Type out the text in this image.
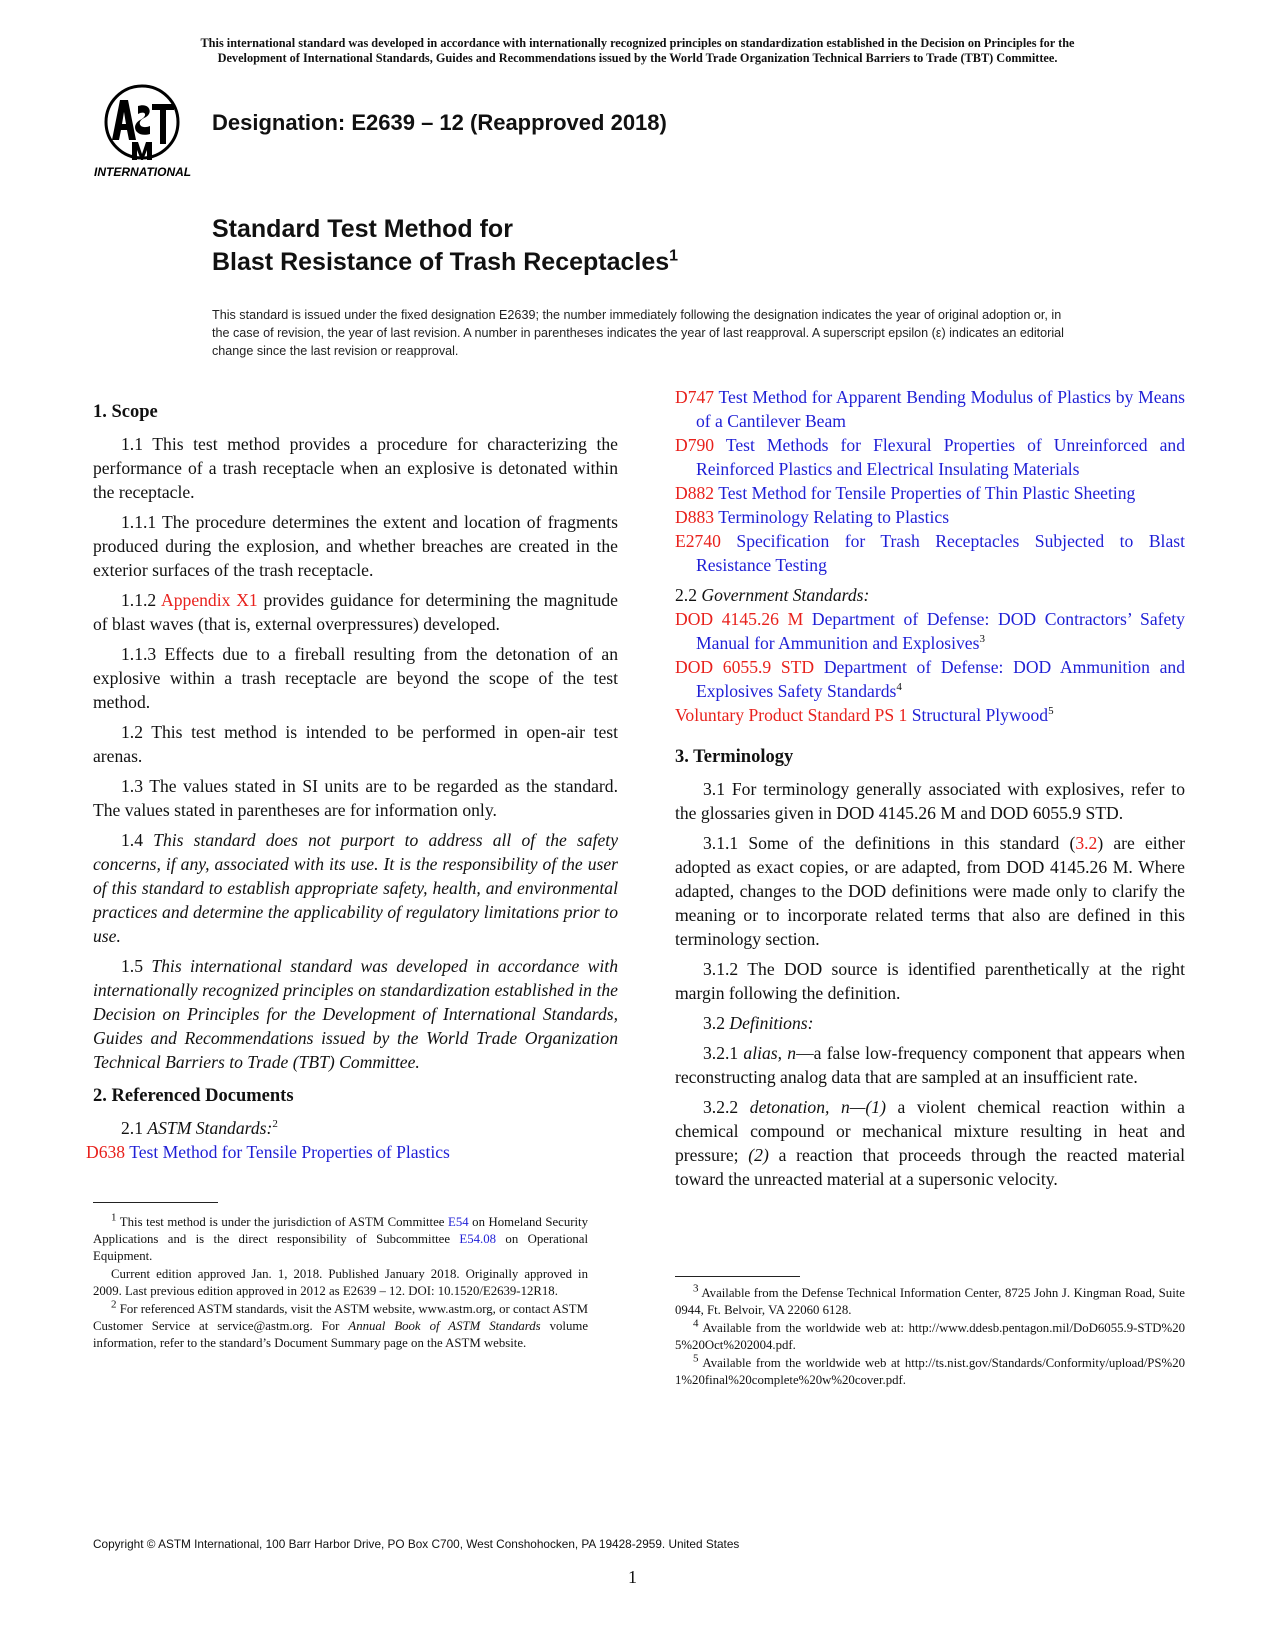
This international standard was developed in accordance with internationally recognized principles on standardization established in the Decision on Principles for the
Development of International Standards, Guides and Recommendations issued by the World Trade Organization Technical Barriers to Trade (TBT) Committee.
INTERNATIONAL
Designation: E2639 – 12 (Reapproved 2018)
Standard Test Method for
Blast Resistance of Trash Receptacles$^1$
This standard is issued under the fixed designation E2639; the number immediately following the designation indicates the year of original adoption or, in the case of revision, the year of last revision. A number in parentheses indicates the year of last reapproval. A superscript epsilon (ε) indicates an editorial change since the last revision or reapproval.
1. Scope

1.1 This test method provides a procedure for characterizing the performance of a trash receptacle when an explosive is detonated within the receptacle.

1.1.1 The procedure determines the extent and location of fragments produced during the explosion, and whether breaches are created in the exterior surfaces of the trash receptacle.

1.1.2 Appendix X1 provides guidance for determining the magnitude of blast waves (that is, external overpressures) developed.

1.1.3 Effects due to a fireball resulting from the detonation of an explosive within a trash receptacle are beyond the scope of the test method.

1.2 This test method is intended to be performed in open-air test arenas.

1.3 The values stated in SI units are to be regarded as the standard. The values stated in parentheses are for information only.

1.4 This standard does not purport to address all of the safety concerns, if any, associated with its use. It is the responsibility of the user of this standard to establish appropriate safety, health, and environmental practices and determine the applicability of regulatory limitations prior to use.

1.5 This international standard was developed in accordance with internationally recognized principles on standardization established in the Decision on Principles for the Development of International Standards, Guides and Recommendations issued by the World Trade Organization Technical Barriers to Trade (TBT) Committee.

2. Referenced Documents

2.1 ASTM Standards:$^2$

D638 Test Method for Tensile Properties of Plastics

$^1$ This test method is under the jurisdiction of ASTM Committee E54 on Homeland Security Applications and is the direct responsibility of Subcommittee E54.08 on Operational Equipment.

Current edition approved Jan. 1, 2018. Published January 2018. Originally approved in 2009. Last previous edition approved in 2012 as E2639 – 12. DOI: 10.1520/E2639-12R18.

$^2$ For referenced ASTM standards, visit the ASTM website, www.astm.org, or contact ASTM Customer Service at service@astm.org. For Annual Book of ASTM Standards volume information, refer to the standard’s Document Summary page on the ASTM website.

D747 Test Method for Apparent Bending Modulus of Plastics by Means of a Cantilever Beam
D790 Test Methods for Flexural Properties of Unreinforced and Reinforced Plastics and Electrical Insulating Materials
D882 Test Method for Tensile Properties of Thin Plastic Sheeting
D883 Terminology Relating to Plastics
E2740 Specification for Trash Receptacles Subjected to Blast Resistance Testing

2.2 Government Standards:

DOD 4145.26 M Department of Defense: DOD Contractors’ Safety Manual for Ammunition and Explosives$^3$
DOD 6055.9 STD Department of Defense: DOD Ammunition and Explosives Safety Standards$^4$
Voluntary Product Standard PS 1 Structural Plywood$^5$
3. Terminology

3.1 For terminology generally associated with explosives, refer to the glossaries given in DOD 4145.26 M and DOD 6055.9 STD.

3.1.1 Some of the definitions in this standard (3.2) are either adopted as exact copies, or are adapted, from DOD 4145.26 M. Where adapted, changes to the DOD definitions were made only to clarify the meaning or to incorporate related terms that also are defined in this terminology section.

3.1.2 The DOD source is identified parenthetically at the right margin following the definition.

3.2 Definitions:

3.2.1 alias, n—a false low-frequency component that appears when reconstructing analog data that are sampled at an insufficient rate.

3.2.2 detonation, n—(1) a violent chemical reaction within a chemical compound or mechanical mixture resulting in heat and pressure; (2) a reaction that proceeds through the reacted material toward the unreacted material at a supersonic velocity.

$^3$ Available from the Defense Technical Information Center, 8725 John J. Kingman Road, Suite 0944, Ft. Belvoir, VA 22060 6128.

$^4$ Available from the worldwide web at: http://www.ddesb.pentagon.mil/DoD6055.9-STD%205%20Oct%202004.pdf.

$^5$ Available from the worldwide web at http://ts.nist.gov/Standards/Conformity/upload/PS%201%20final%20complete%20w%20cover.pdf.

Copyright © ASTM International, 100 Barr Harbor Drive, PO Box C700, West Conshohocken, PA 19428-2959. United States
1
